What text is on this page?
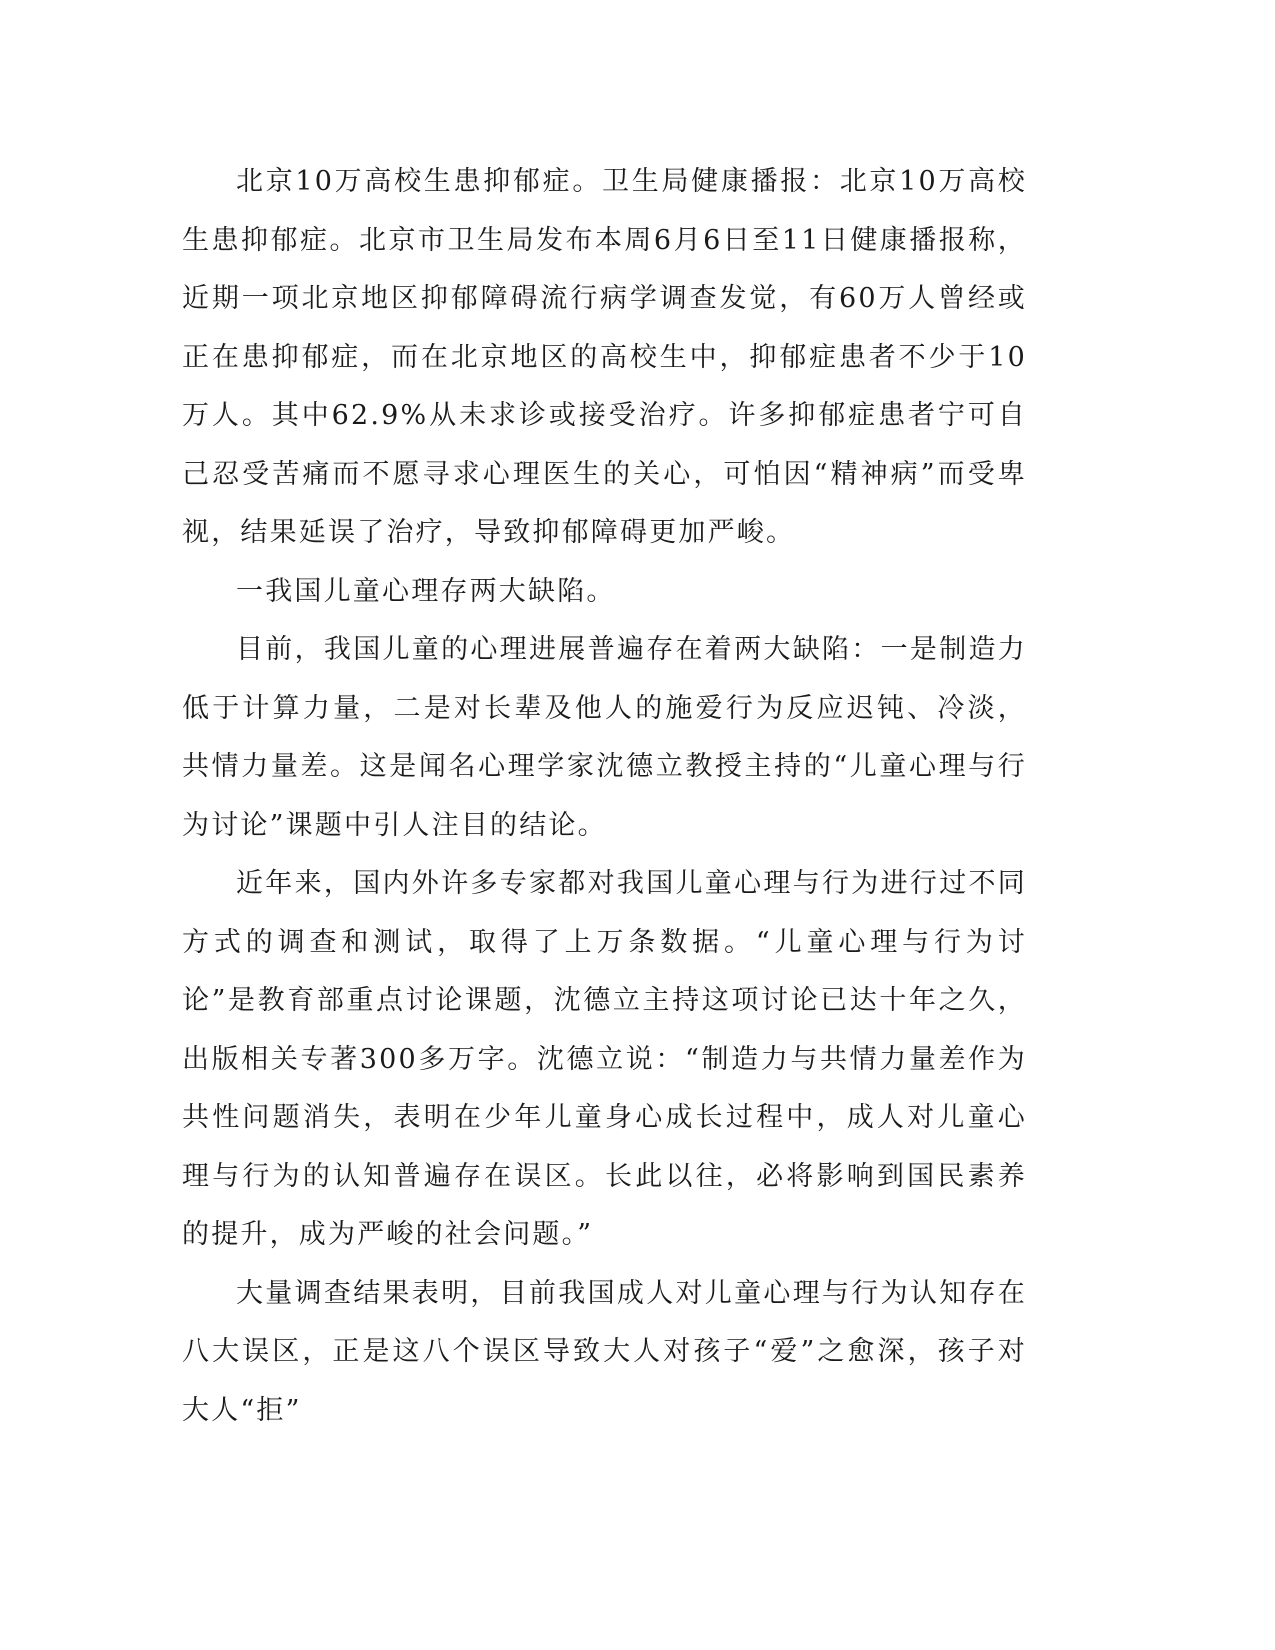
北京10万高校生患抑郁症。卫生局健康播报：北京10万高校生患抑郁症。北京市卫生局发布本周6月6日至11日健康播报称，近期一项北京地区抑郁障碍流行病学调查发觉，有60万人曾经或正在患抑郁症，而在北京地区的高校生中，抑郁症患者不少于10万人。其中62.9%从未求诊或接受治疗。许多抑郁症患者宁可自己忍受苦痛而不愿寻求心理医生的关心，可怕因“精神病”而受卑视，结果延误了治疗，导致抑郁障碍更加严峻。

一我国儿童心理存两大缺陷。

目前，我国儿童的心理进展普遍存在着两大缺陷：一是制造力低于计算力量，二是对长辈及他人的施爱行为反应迟钝、冷淡，共情力量差。这是闻名心理学家沈德立教授主持的“儿童心理与行为讨论”课题中引人注目的结论。

近年来，国内外许多专家都对我国儿童心理与行为进行过不同方式的调查和测试，取得了上万条数据。“儿童心理与行为讨论”是教育部重点讨论课题，沈德立主持这项讨论已达十年之久，出版相关专著300多万字。沈德立说：“制造力与共情力量差作为共性问题消失，表明在少年儿童身心成长过程中，成人对儿童心理与行为的认知普遍存在误区。长此以往，必将影响到国民素养的提升，成为严峻的社会问题。”

大量调查结果表明，目前我国成人对儿童心理与行为认知存在八大误区，正是这八个误区导致大人对孩子“爱”之愈深，孩子对大人“拒”
